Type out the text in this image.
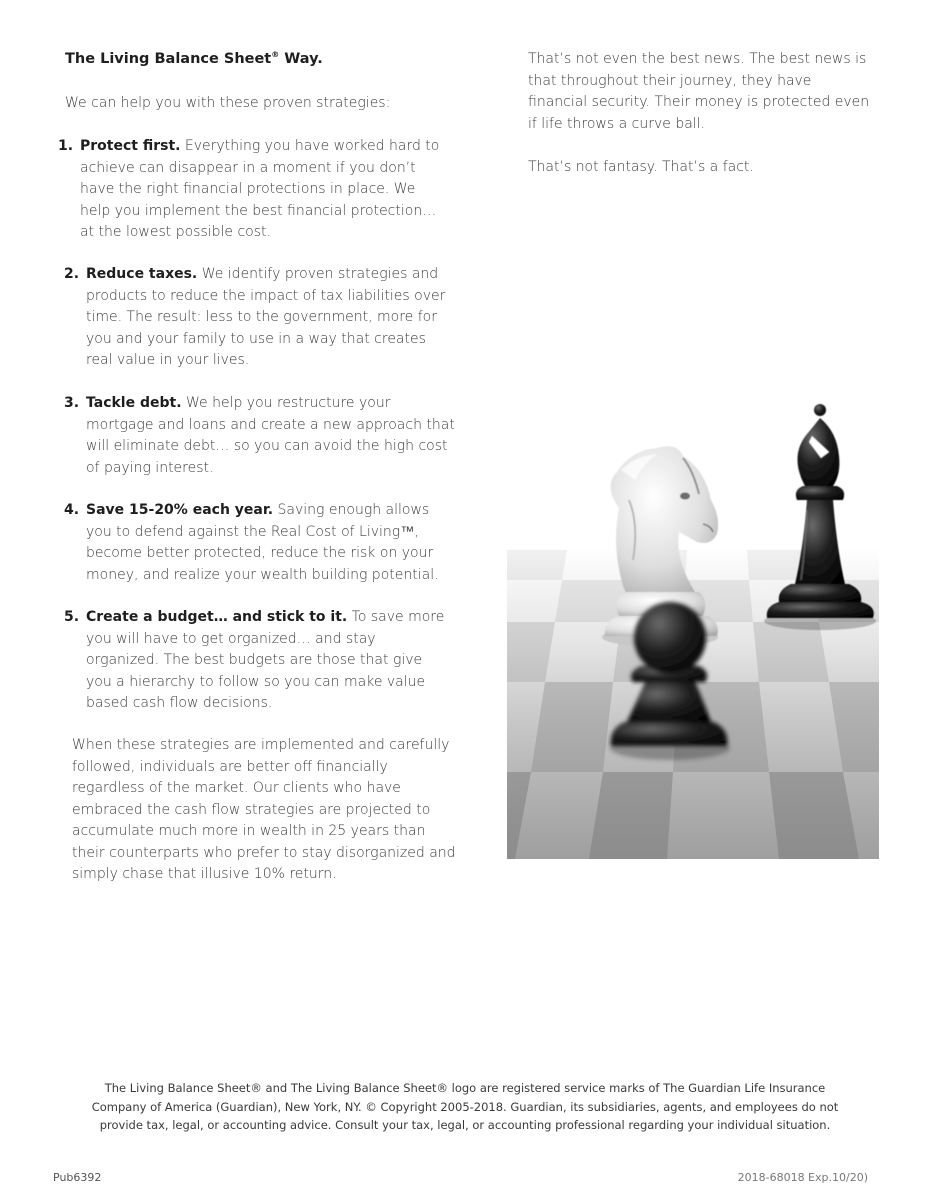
The Living Balance Sheet® Way.

We can help you with these proven strategies:

1. Protect first. Everything you have worked hard to achieve can disappear in a moment if you don’t have the right financial protections in place. We help you implement the best financial protection… at the lowest possible cost.
2. Reduce taxes. We identify proven strategies and products to reduce the impact of tax liabilities over time. The result: less to the government, more for you and your family to use in a way that creates real value in your lives.
3. Tackle debt. We help you restructure your mortgage and loans and create a new approach that will eliminate debt… so you can avoid the high cost of paying interest.
4. Save 15-20% each year. Saving enough allows you to defend against the Real Cost of Living™, become better protected, reduce the risk on your money, and realize your wealth building potential.
5. Create a budget… and stick to it. To save more you will have to get organized… and stay organized. The best budgets are those that give you a hierarchy to follow so you can make value based cash flow decisions.

When these strategies are implemented and carefully followed, individuals are better off financially regardless of the market. Our clients who have embraced the cash flow strategies are projected to accumulate much more in wealth in 25 years than their counterparts who prefer to stay disorganized and simply chase that illusive 10% return.

That’s not even the best news. The best news is that throughout their journey, they have financial security. Their money is protected even if life throws a curve ball.

That’s not fantasy. That’s a fact.

The Living Balance Sheet® and The Living Balance Sheet® logo are registered service marks of The Guardian Life Insurance Company of America (Guardian), New York, NY. © Copyright 2005-2018. Guardian, its subsidiaries, agents, and employees do not provide tax, legal, or accounting advice. Consult your tax, legal, or accounting professional regarding your individual situation.

Pub6392	2018-68018 Exp.10/20)
